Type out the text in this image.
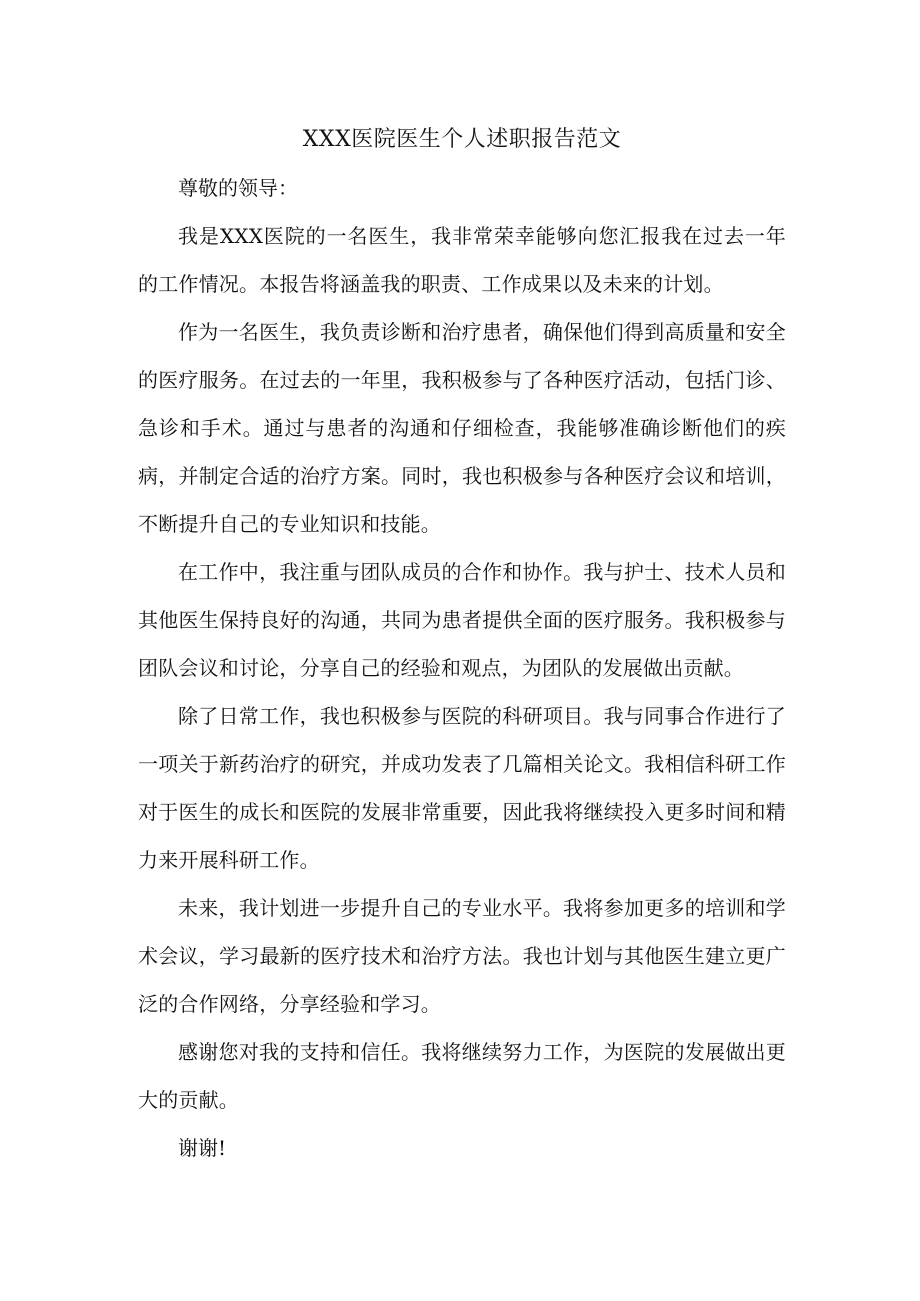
XXX医院医生个人述职报告范文

尊敬的领导：

我是XXX医院的一名医生，我非常荣幸能够向您汇报我在过去一年的工作情况。本报告将涵盖我的职责、工作成果以及未来的计划。

作为一名医生，我负责诊断和治疗患者，确保他们得到高质量和安全的医疗服务。在过去的一年里，我积极参与了各种医疗活动，包括门诊、急诊和手术。通过与患者的沟通和仔细检查，我能够准确诊断他们的疾病，并制定合适的治疗方案。同时，我也积极参与各种医疗会议和培训，不断提升自己的专业知识和技能。

在工作中，我注重与团队成员的合作和协作。我与护士、技术人员和其他医生保持良好的沟通，共同为患者提供全面的医疗服务。我积极参与团队会议和讨论，分享自己的经验和观点，为团队的发展做出贡献。

除了日常工作，我也积极参与医院的科研项目。我与同事合作进行了一项关于新药治疗的研究，并成功发表了几篇相关论文。我相信科研工作对于医生的成长和医院的发展非常重要，因此我将继续投入更多时间和精力来开展科研工作。

未来，我计划进一步提升自己的专业水平。我将参加更多的培训和学术会议，学习最新的医疗技术和治疗方法。我也计划与其他医生建立更广泛的合作网络，分享经验和学习。

感谢您对我的支持和信任。我将继续努力工作，为医院的发展做出更大的贡献。

谢谢!
